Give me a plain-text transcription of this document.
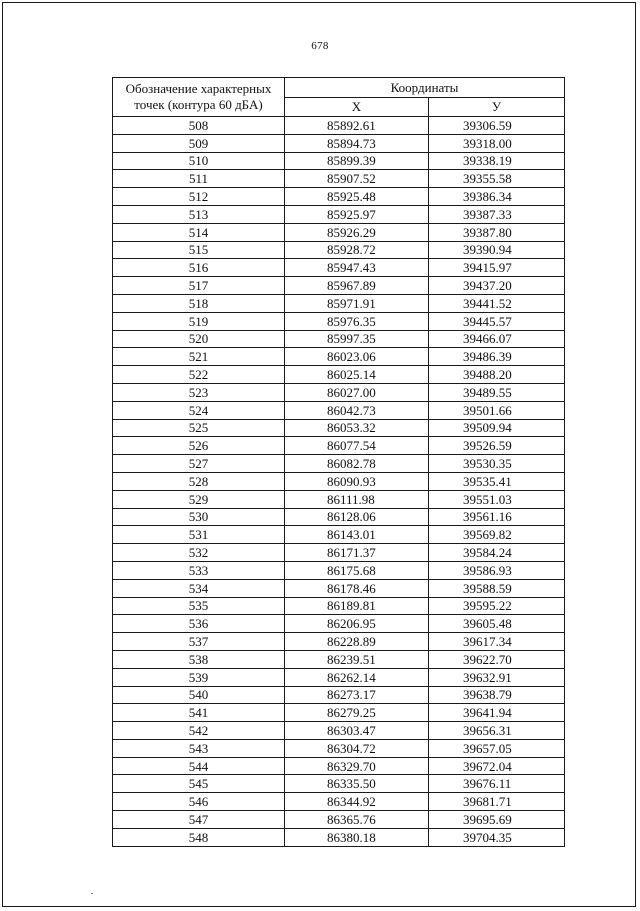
678
Обозначение характерных точек (контура 60 дБА)	Координаты	
	X	У
508	85892.61	39306.59
509	85894.73	39318.00
510	85899.39	39338.19
511	85907.52	39355.58
512	85925.48	39386.34
513	85925.97	39387.33
514	85926.29	39387.80
515	85928.72	39390.94
516	85947.43	39415.97
517	85967.89	39437.20
518	85971.91	39441.52
519	85976.35	39445.57
520	85997.35	39466.07
521	86023.06	39486.39
522	86025.14	39488.20
523	86027.00	39489.55
524	86042.73	39501.66
525	86053.32	39509.94
526	86077.54	39526.59
527	86082.78	39530.35
528	86090.93	39535.41
529	86111.98	39551.03
530	86128.06	39561.16
531	86143.01	39569.82
532	86171.37	39584.24
533	86175.68	39586.93
534	86178.46	39588.59
535	86189.81	39595.22
536	86206.95	39605.48
537	86228.89	39617.34
538	86239.51	39622.70
539	86262.14	39632.91
540	86273.17	39638.79
541	86279.25	39641.94
542	86303.47	39656.31
543	86304.72	39657.05
544	86329.70	39672.04
545	86335.50	39676.11
546	86344.92	39681.71
547	86365.76	39695.69
548	86380.18	39704.35
